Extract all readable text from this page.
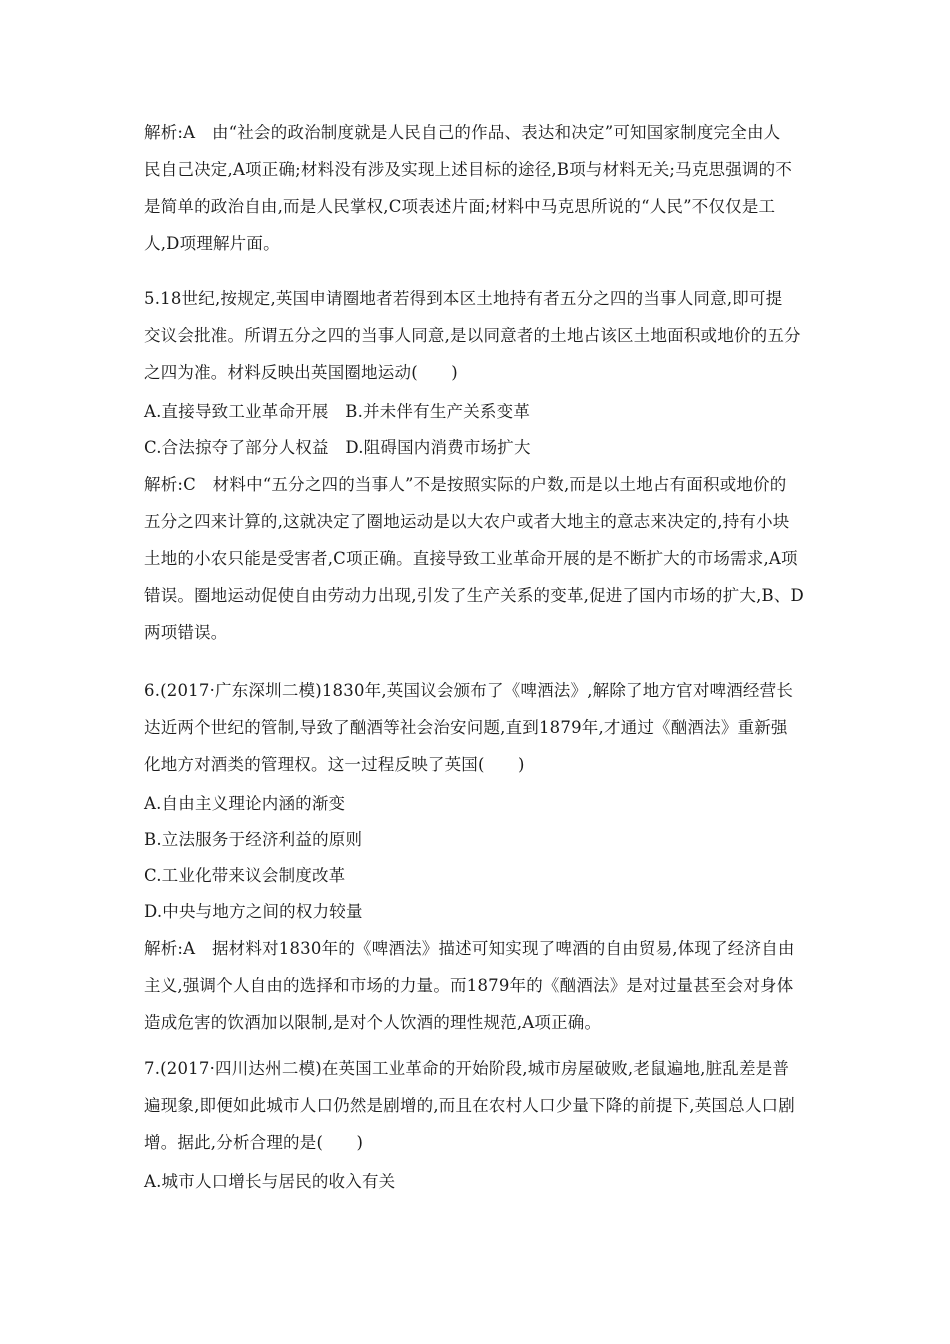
解析:A　由“社会的政治制度就是人民自己的作品、表达和决定”可知国家制度完全由人
民自己决定,A项正确;材料没有涉及实现上述目标的途径,B项与材料无关;马克思强调的不
是简单的政治自由,而是人民掌权,C项表述片面;材料中马克思所说的“人民”不仅仅是工
人,D项理解片面。
5.18世纪,按规定,英国申请圈地者若得到本区土地持有者五分之四的当事人同意,即可提
交议会批准。所谓五分之四的当事人同意,是以同意者的土地占该区土地面积或地价的五分
之四为准。材料反映出英国圈地运动(　　)
A.直接导致工业革命开展　B.并未伴有生产关系变革
C.合法掠夺了部分人权益　D.阻碍国内消费市场扩大
解析:C　材料中“五分之四的当事人”不是按照实际的户数,而是以土地占有面积或地价的
五分之四来计算的,这就决定了圈地运动是以大农户或者大地主的意志来决定的,持有小块
土地的小农只能是受害者,C项正确。直接导致工业革命开展的是不断扩大的市场需求,A项
错误。圈地运动促使自由劳动力出现,引发了生产关系的变革,促进了国内市场的扩大,B、D
两项错误。
6.(2017·广东深圳二模)1830年,英国议会颁布了《啤酒法》,解除了地方官对啤酒经营长
达近两个世纪的管制,导致了酗酒等社会治安问题,直到1879年,才通过《酗酒法》重新强
化地方对酒类的管理权。这一过程反映了英国(　　)
A.自由主义理论内涵的渐变
B.立法服务于经济利益的原则
C.工业化带来议会制度改革
D.中央与地方之间的权力较量
解析:A　据材料对1830年的《啤酒法》描述可知实现了啤酒的自由贸易,体现了经济自由
主义,强调个人自由的选择和市场的力量。而1879年的《酗酒法》是对过量甚至会对身体
造成危害的饮酒加以限制,是对个人饮酒的理性规范,A项正确。
7.(2017·四川达州二模)在英国工业革命的开始阶段,城市房屋破败,老鼠遍地,脏乱差是普
遍现象,即便如此城市人口仍然是剧增的,而且在农村人口少量下降的前提下,英国总人口剧
增。据此,分析合理的是(　　)
A.城市人口增长与居民的收入有关
